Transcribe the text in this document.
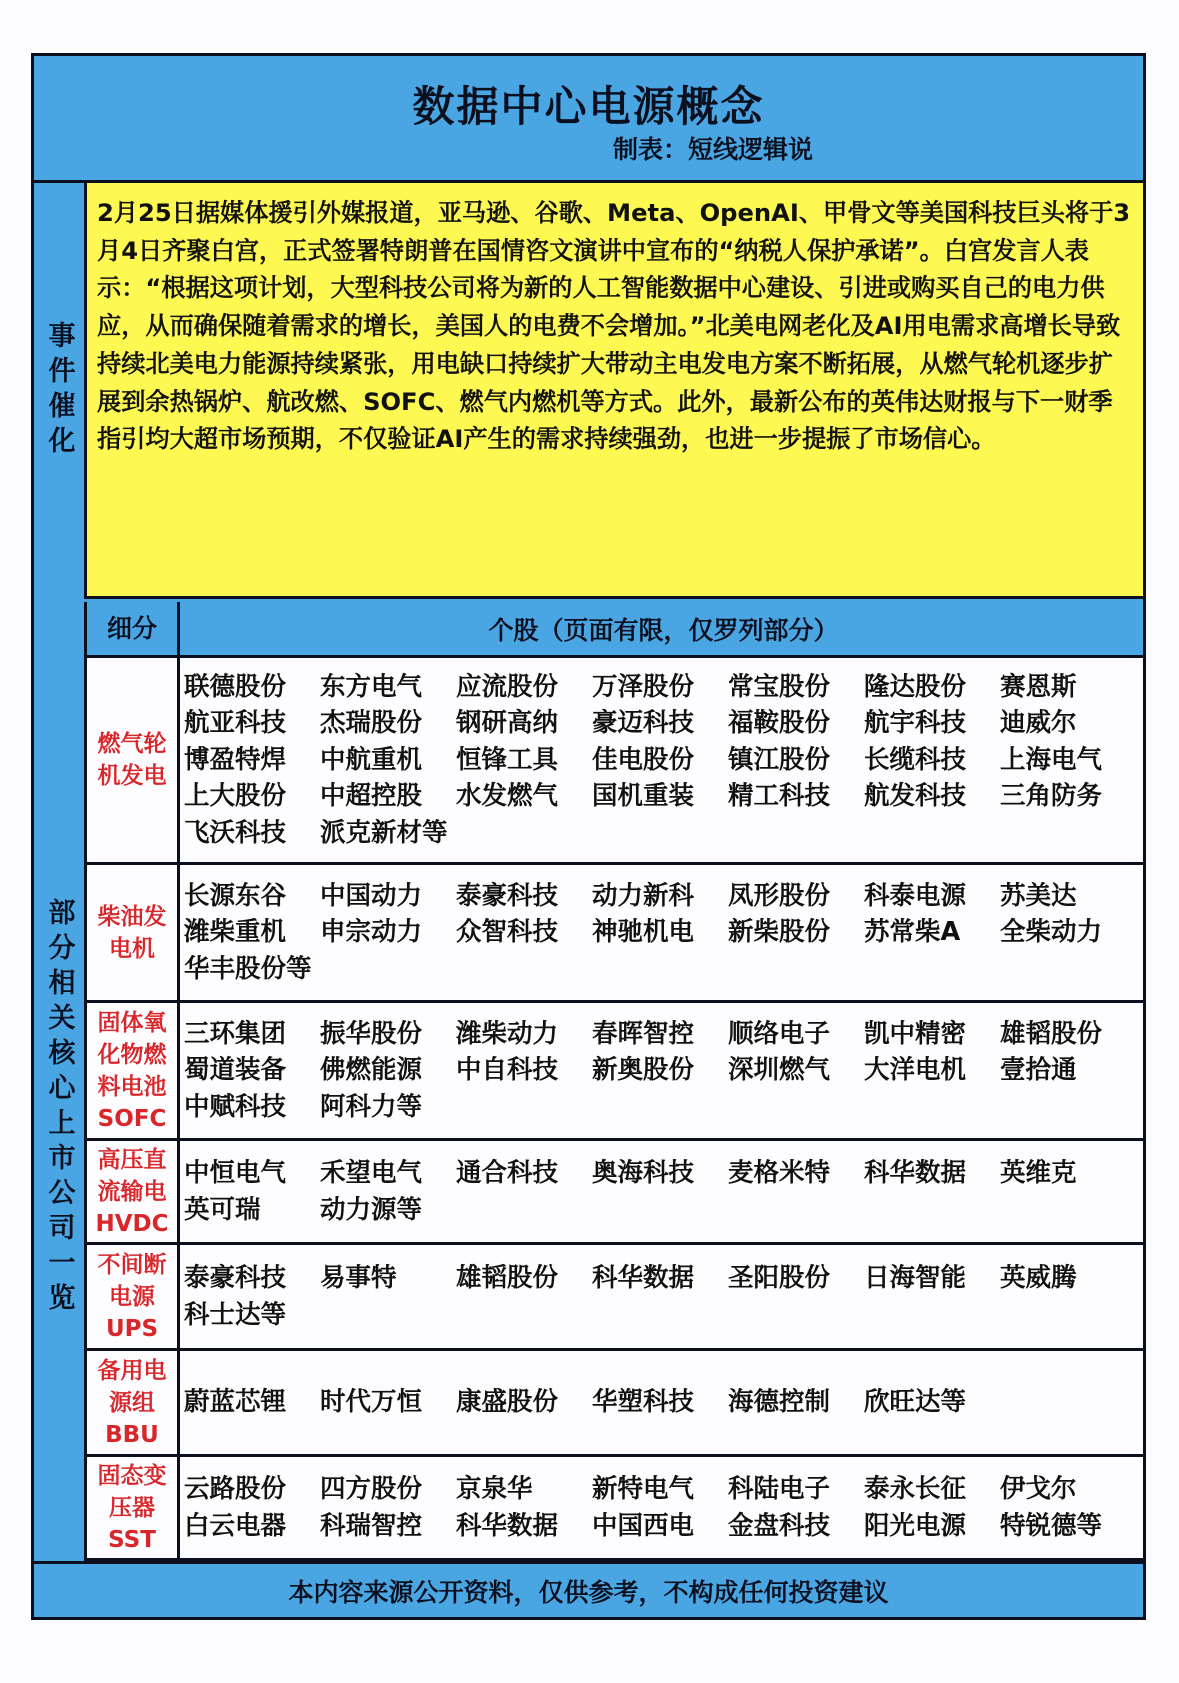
数据中心电源概念
制表：短线逻辑说
事件催化
2月25日据媒体援引外媒报道，亚马逊、谷歌、Meta、OpenAI、甲骨文等美国科技巨头将于3月4日齐聚白宫，正式签署特朗普在国情咨文演讲中宣布的“纳税人保护承诺”。白宫发言人表示：“根据这项计划，大型科技公司将为新的人工智能数据中心建设、引进或购买自己的电力供应，从而确保随着需求的增长，美国人的电费不会增加。”北美电网老化及AI用电需求高增长导致持续北美电力能源持续紧张，用电缺口持续扩大带动主电发电方案不断拓展，从燃气轮机逐步扩展到余热锅炉、航改燃、SOFC、燃气内燃机等方式。此外，最新公布的英伟达财报与下一财季指引均大超市场预期，不仅验证AI产生的需求持续强劲，也进一步提振了市场信心。
部分相关核心上市公司一览
细分	个股（页面有限，仅罗列部分）
燃气轮机发电
联德股份	东方电气	应流股份	万泽股份	常宝股份	隆达股份	赛恩斯
航亚科技	杰瑞股份	钢研高纳	豪迈科技	福鞍股份	航宇科技	迪威尔
博盈特焊	中航重机	恒锋工具	佳电股份	镇江股份	长缆科技	上海电气
上大股份	中超控股	水发燃气	国机重装	精工科技	航发科技	三角防务
飞沃科技	派克新材等
柴油发电机
长源东谷	中国动力	泰豪科技	动力新科	凤形股份	科泰电源	苏美达
潍柴重机	申宗动力	众智科技	神驰机电	新柴股份	苏常柴A	全柴动力
华丰股份等
固体氧化物燃料电池SOFC
三环集团	振华股份	潍柴动力	春晖智控	顺络电子	凯中精密	雄韬股份
蜀道装备	佛燃能源	中自科技	新奥股份	深圳燃气	大洋电机	壹拾通
中赋科技	阿科力等
高压直流输电HVDC
中恒电气	禾望电气	通合科技	奥海科技	麦格米特	科华数据	英维克
英可瑞	动力源等
不间断电源UPS
泰豪科技	易事特	雄韬股份	科华数据	圣阳股份	日海智能	英威腾
科士达等
备用电源组BBU
蔚蓝芯锂	时代万恒	康盛股份	华塑科技	海德控制	欣旺达等
固态变压器SST
云路股份	四方股份	京泉华	新特电气	科陆电子	泰永长征	伊戈尔
白云电器	科瑞智控	科华数据	中国西电	金盘科技	阳光电源	特锐德等
本内容来源公开资料，仅供参考，不构成任何投资建议
